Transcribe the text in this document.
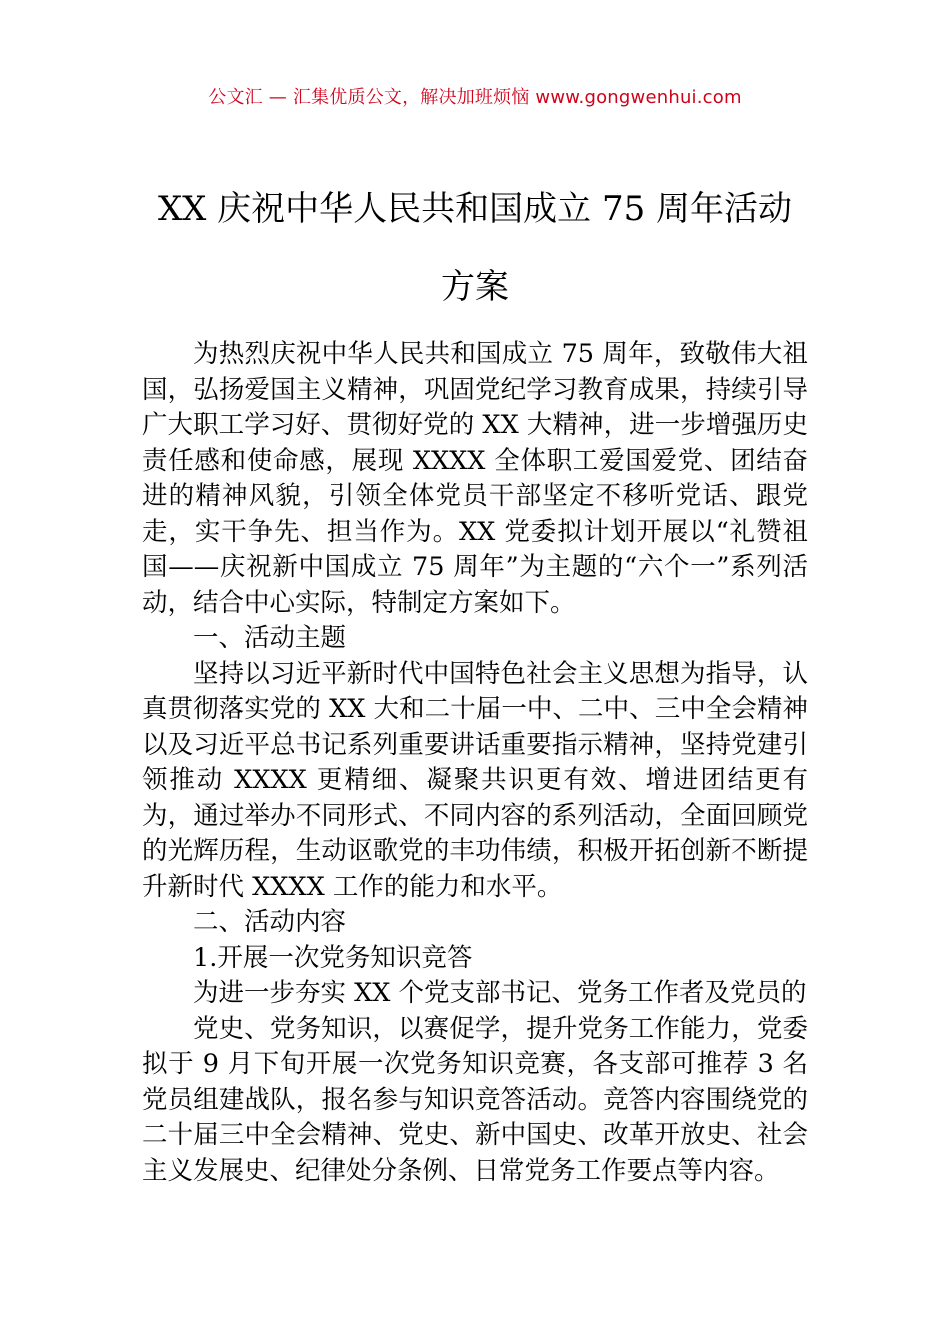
公文汇 — 汇集优质公文，解决加班烦恼 www.gongwenhui.com
XX 庆祝中华人民共和国成立 75 周年活动
方案

为热烈庆祝中华人民共和国成立 75 周年，致敬伟大祖国，弘扬爱国主义精神，巩固党纪学习教育成果，持续引导广大职工学习好、贯彻好党的 XX 大精神，进一步增强历史责任感和使命感，展现 XXXX 全体职工爱国爱党、团结奋进的精神风貌，引领全体党员干部坚定不移听党话、跟党走，实干争先、担当作为。XX 党委拟计划开展以“礼赞祖国——庆祝新中国成立 75 周年”为主题的“六个一”系列活动，结合中心实际，特制定方案如下。

一、活动主题

坚持以习近平新时代中国特色社会主义思想为指导，认真贯彻落实党的 XX 大和二十届一中、二中、三中全会精神以及习近平总书记系列重要讲话重要指示精神，坚持党建引领推动 XXXX 更精细、凝聚共识更有效、增进团结更有为，通过举办不同形式、不同内容的系列活动，全面回顾党的光辉历程，生动讴歌党的丰功伟绩，积极开拓创新不断提升新时代 XXXX 工作的能力和水平。

二、活动内容

1.开展一次党务知识竞答

为进一步夯实 XX 个党支部书记、党务工作者及党员的

党史、党务知识，以赛促学，提升党务工作能力，党委拟于 9 月下旬开展一次党务知识竞赛，各支部可推荐 3 名党员组建战队，报名参与知识竞答活动。竞答内容围绕党的二十届三中全会精神、党史、新中国史、改革开放史、社会主义发展史、纪律处分条例、日常党务工作要点等内容。
